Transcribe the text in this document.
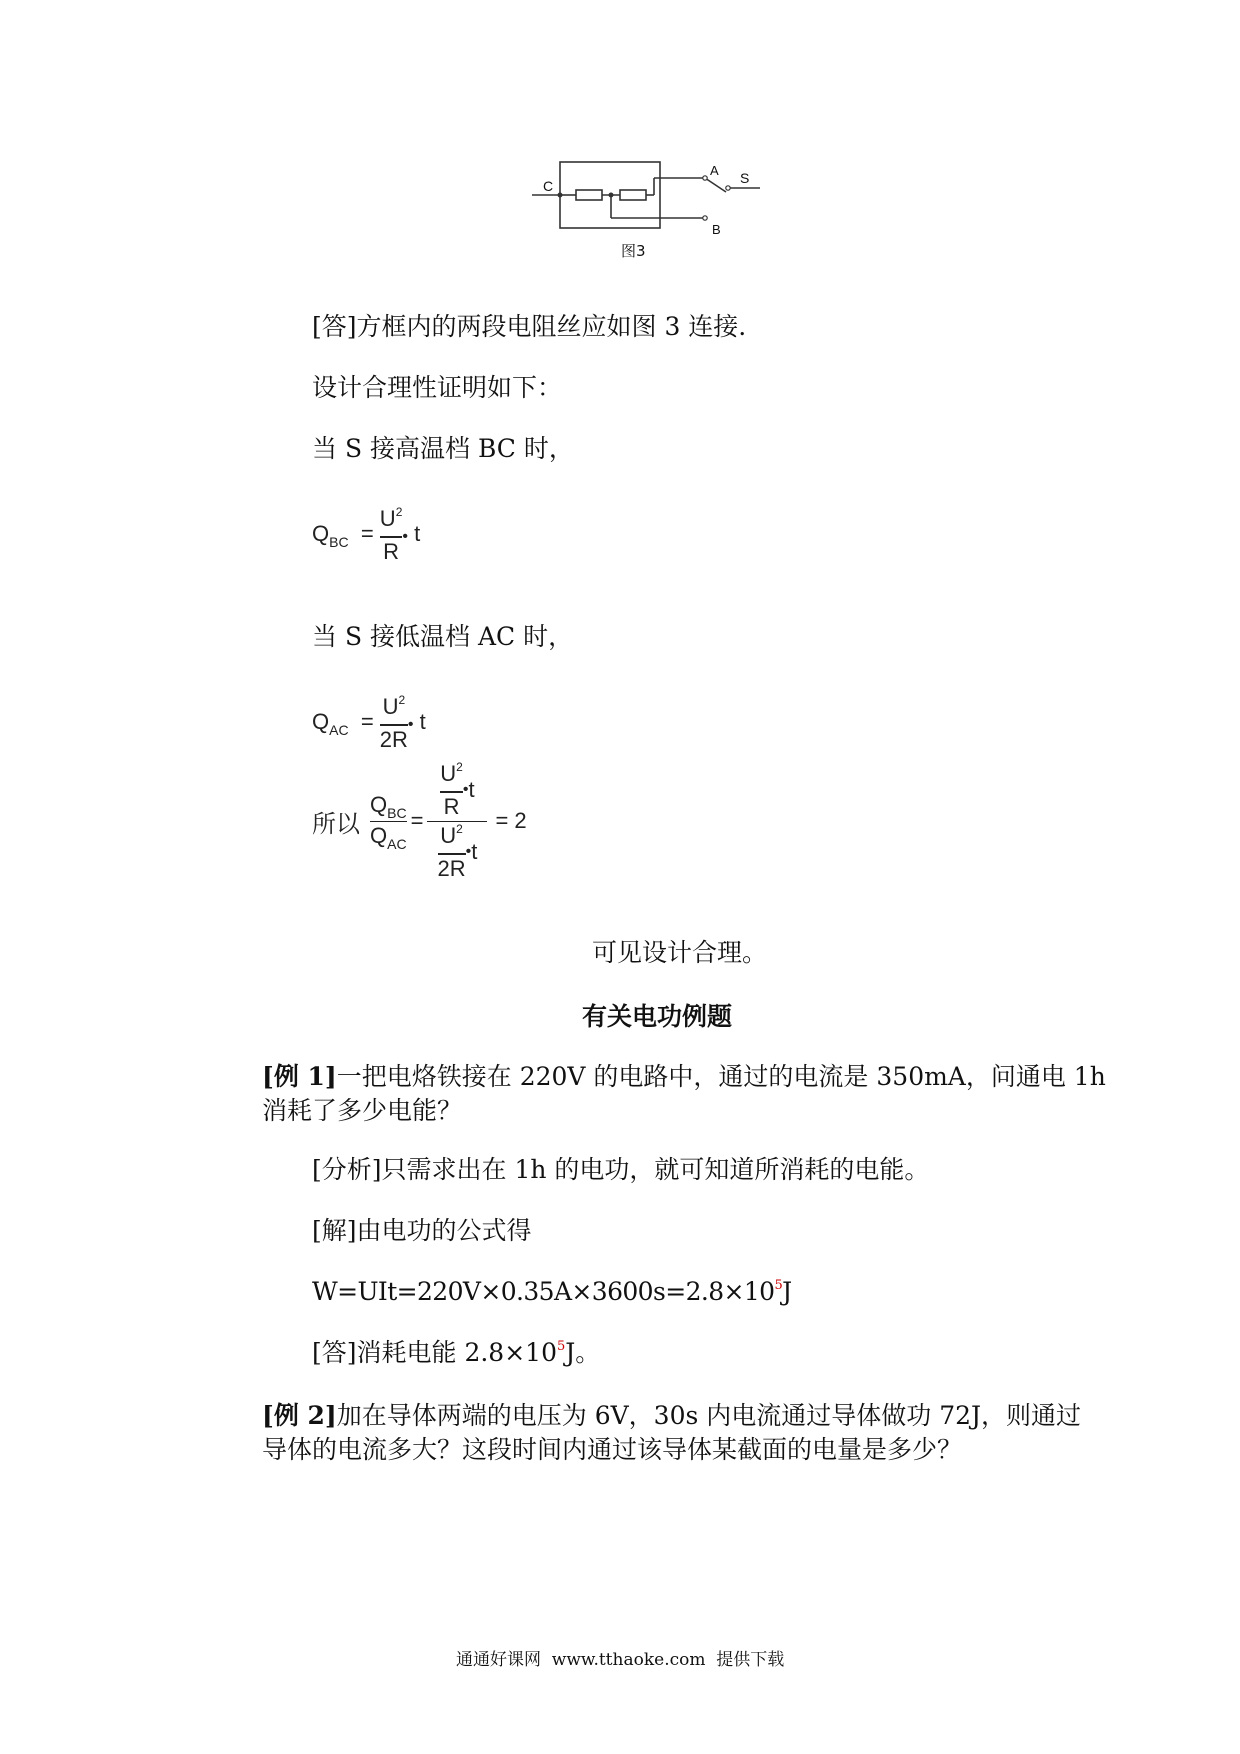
C
A S
B
图3
[答]方框内的两段电阻丝应如图 3 连接.
设计合理性证明如下：
当 S 接高温档 BC 时，
$Q_{BC} = \frac{U^2}{R}$ • t
当 S 接低温档 AC 时，
$Q_{AC} = \frac{U^2}{2R}$ • t
所以 $\frac{Q_{BC}}{Q_{AC}} = \frac{\frac{U^2}{R} • t}{\frac{U^2}{2R} • t} = 2$
可见设计合理。
有关电功例题
[例 1]一把电烙铁接在 220V 的电路中，通过的电流是 350mA，问通电 1h
消耗了多少电能？
[分析]只需求出在 1h 的电功，就可知道所消耗的电能。
[解]由电功的公式得
$W=UIt=220V\times 0.35A\times 3600s=2.8\times 10^5J$
[答]消耗电能 $2.8\times 10^5J$。
[例 2]加在导体两端的电压为 6V，30s 内电流通过导体做功 72J，则通过
导体的电流多大？这段时间内通过该导体某截面的电量是多少？
通通好课网  www.tthaoke.com  提供下载
